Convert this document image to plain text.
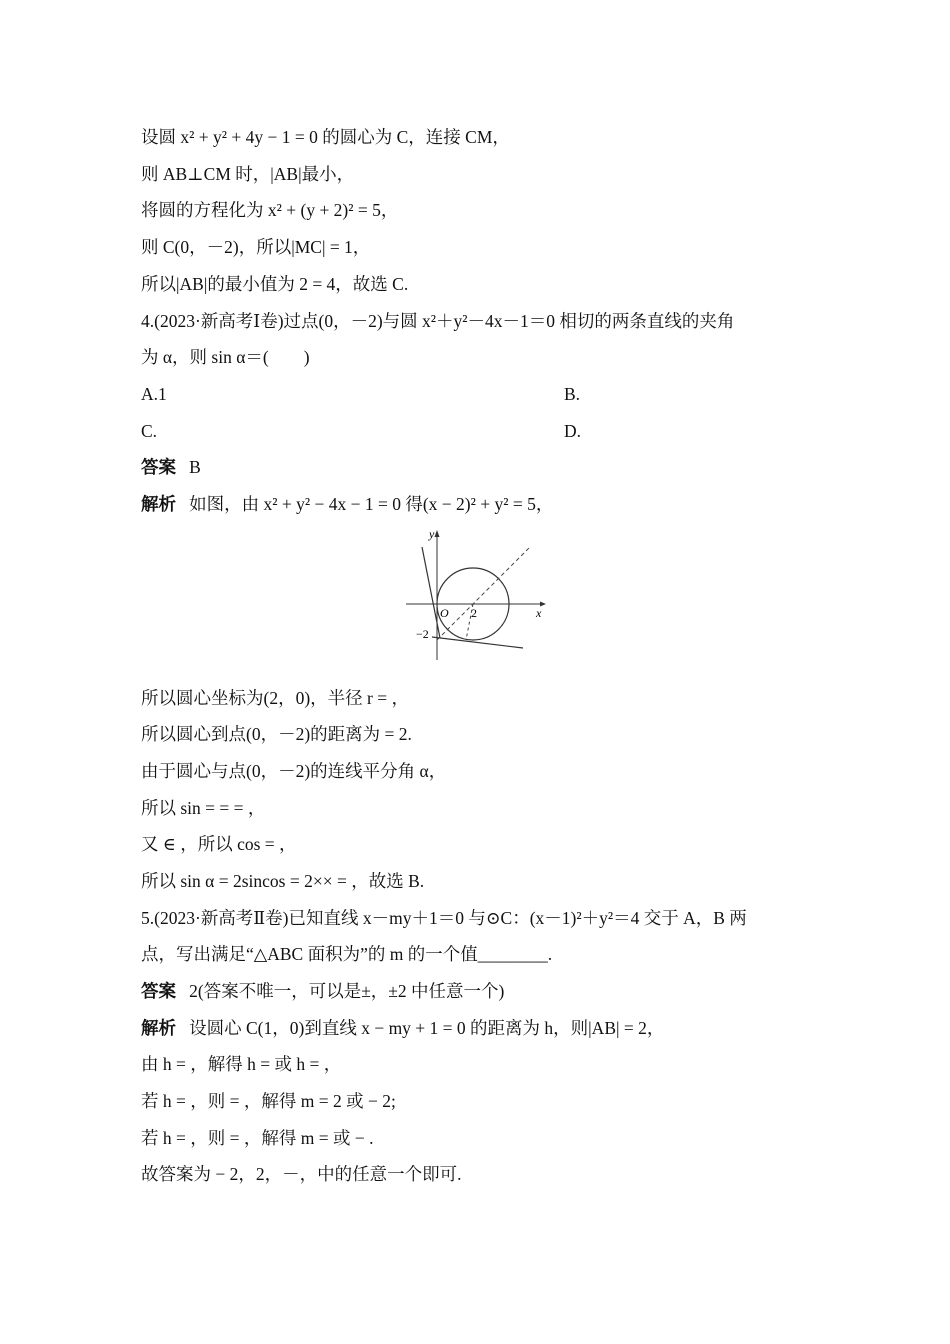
设圆 x² + y² + 4y − 1 = 0 的圆心为 C，连接 CM，
则 AB⊥CM 时，|AB|最小，
将圆的方程化为 x² + (y + 2)² = 5，
则 C(0，－2)，所以|MC| = 1，
所以|AB|的最小值为 2 = 4，故选 C.
4.(2023·新高考Ⅰ卷)过点(0，－2)与圆 x²＋y²－4x－1＝0 相切的两条直线的夹角
为 α，则 sin α＝(　　)
A.1	B.
C.	D.
答案 B
解析 如图，由 x² + y² − 4x − 1 = 0 得(x − 2)² + y² = 5，
y
x
O 2
−2
所以圆心坐标为(2，0)，半径 r = ，
所以圆心到点(0，－2)的距离为 = 2.
由于圆心与点(0，－2)的连线平分角 α，
所以 sin = = = ，
又 ∈ ，所以 cos = ，
所以 sin α = 2sincos = 2×× = ，故选 B.
5.(2023·新高考Ⅱ卷)已知直线 x－my＋1＝0 与⊙C：(x－1)²＋y²＝4 交于 A，B 两
点，写出满足“△ABC 面积为”的 m 的一个值________.
答案 2(答案不唯一，可以是±，±2 中任意一个)
解析 设圆心 C(1，0)到直线 x − my + 1 = 0 的距离为 h，则|AB| = 2，
由 h = ，解得 h = 或 h = ，
若 h = ，则 = ，解得 m = 2 或 − 2;
若 h = ，则 = ，解得 m = 或 − .
故答案为 − 2，2，－，中的任意一个即可.
